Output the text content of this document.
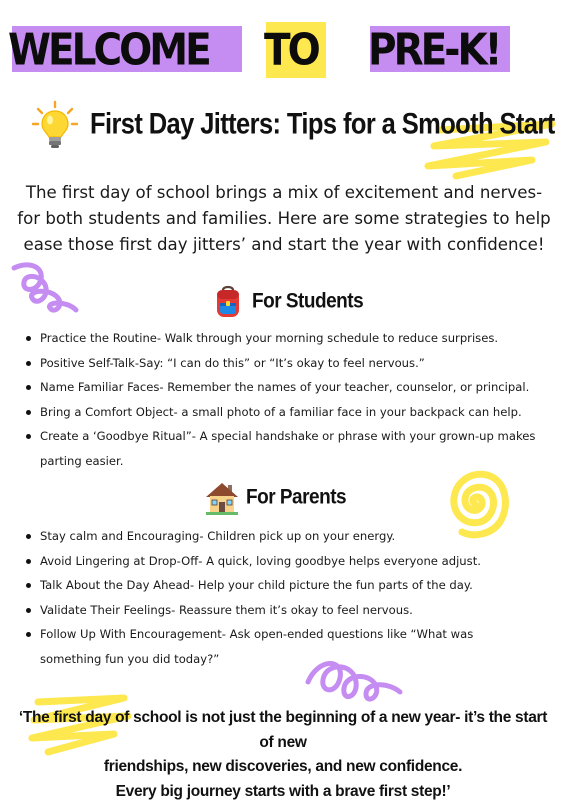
WELCOME TO PRE-K!
First Day Jitters: Tips for a Smooth Start

The first day of school brings a mix of excitement and nerves- for both students and families. Here are some strategies to help ease those first day jitters’ and start the year with confidence!

For Students
Practice the Routine- Walk through your morning schedule to reduce surprises.
Positive Self-Talk-Say: “I can do this” or “It’s okay to feel nervous.”
Name Familiar Faces- Remember the names of your teacher, counselor, or principal.
Bring a Comfort Object- a small photo of a familiar face in your backpack can help.
Create a ‘Goodbye Ritual”- A special handshake or phrase with your grown-up makes parting easier.
For Parents
Stay calm and Encouraging- Children pick up on your energy.
Avoid Lingering at Drop-Off- A quick, loving goodbye helps everyone adjust.
Talk About the Day Ahead- Help your child picture the fun parts of the day.
Validate Their Feelings- Reassure them it’s okay to feel nervous.
Follow Up With Encouragement- Ask open-ended questions like “What was something fun you did today?”
‘The first day of school is not just the beginning of a new year- it’s the start of new
friendships, new discoveries, and new confidence.
Every big journey starts with a brave first step!’
